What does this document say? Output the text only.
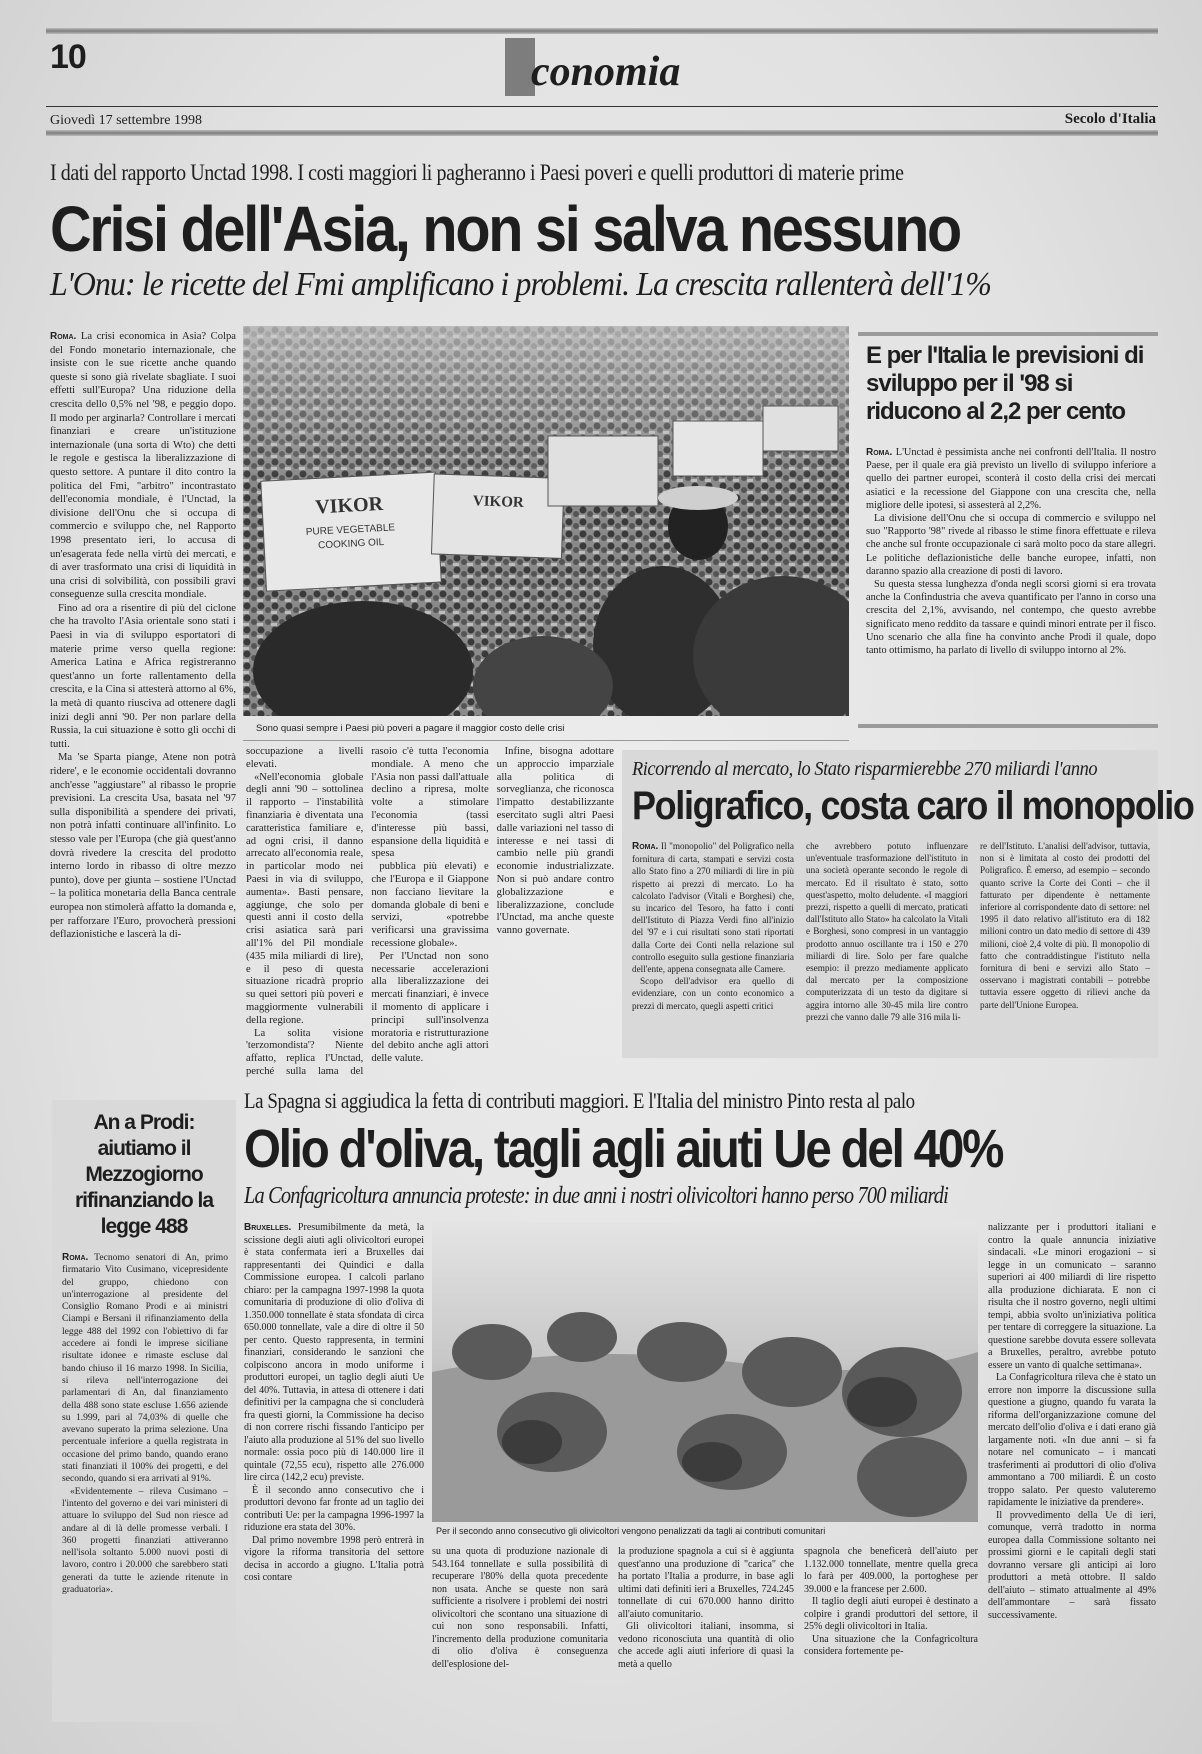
10	conomia
Giovedì 17 settembre 1998	Secolo d'Italia
I dati del rapporto Unctad 1998. I costi maggiori li pagheranno i Paesi poveri e quelli produttori di materie prime
Crisi dell'Asia, non si salva nessuno
L'Onu: le ricette del Fmi amplificano i problemi. La crescita rallenterà dell'1%

Roma. La crisi economica in Asia? Colpa del Fondo monetario internazionale, che insiste con le sue ricette anche quando queste si sono già rivelate sbagliate. I suoi effetti sull'Europa? Una riduzione della crescita dello 0,5% nel '98, e peggio dopo. Il modo per arginarla? Controllare i mercati finanziari e creare un'istituzione internazionale (una sorta di Wto) che detti le regole e gestisca la liberalizzazione di questo settore. A puntare il dito contro la politica del Fmi, "arbitro" incontrastato dell'economia mondiale, è l'Unctad, la divisione dell'Onu che si occupa di commercio e sviluppo che, nel Rapporto 1998 presentato ieri, lo accusa di un'esagerata fede nella virtù dei mercati, e di aver trasformato una crisi di liquidità in una crisi di solvibilità, con possibili gravi conseguenze sulla crescita mondiale.

Fino ad ora a risentire di più del ciclone che ha travolto l'Asia orientale sono stati i Paesi in via di sviluppo esportatori di materie prime verso quella regione: America Latina e Africa registreranno quest'anno un forte rallentamento della crescita, e la Cina si attesterà attorno al 6%, la metà di quanto riusciva ad ottenere dagli inizi degli anni '90. Per non parlare della Russia, la cui situazione è sotto gli occhi di tutti.

Ma 'se Sparta piange, Atene non potrà ridere', e le economie occidentali dovranno anch'esse "aggiustare" al ribasso le proprie previsioni. La crescita Usa, basata nel '97 sulla disponibilità a spendere dei privati, non potrà infatti continuare all'infinito. Lo stesso vale per l'Europa (che già quest'anno dovrà rivedere la crescita del prodotto interno lordo in ribasso di oltre mezzo punto), dove per giunta – sostiene l'Unctad – la politica monetaria della Banca centrale europea non stimolerà affatto la domanda e, per rafforzare l'Euro, provocherà pressioni deflazionistiche e lascerà la di-

VIKOR
PURE VEGETABLE
COOKING OIL
VIKOR
Sono quasi sempre i Paesi più poveri a pagare il maggior costo delle crisi

soccupazione a livelli elevati.

«Nell'economia globale degli anni '90 – sottolinea il rapporto – l'instabilità finanziaria è diventata una caratteristica familiare e, ad ogni crisi, il danno arrecato all'economia reale, in particolar modo nei Paesi in via di sviluppo, aumenta». Basti pensare, aggiunge, che solo per questi anni il costo della crisi asiatica sarà pari all'1% del Pil mondiale (435 mila miliardi di lire), e il peso di questa situazione ricadrà proprio su quei settori più poveri e maggiormente vulnerabili della regione.

La solita visione 'terzomondista'? Niente affatto, replica l'Unctad, perché sulla lama del rasoio c'è tutta l'economia mondiale. A meno che l'Asia non passi dall'attuale declino a ripresa, molte volte a stimolare l'economia (tassi d'interesse più bassi, espansione della liquidità e spesa

pubblica più elevati) e che l'Europa e il Giappone non facciano lievitare la domanda globale di beni e servizi, «potrebbe verificarsi una gravissima recessione globale».

Per l'Unctad non sono necessarie accelerazioni alla liberalizzazione dei mercati finanziari, è invece il momento di applicare i principi sull'insolvenza moratoria e ristrutturazione del debito anche agli attori delle valute.

Infine, bisogna adottare un approccio imparziale alla politica di sorveglianza, che riconosca l'impatto destabilizzante esercitato sugli altri Paesi dalle variazioni nel tasso di interesse e nei tassi di cambio nelle più grandi economie industrializzate. Non si può andare contro globalizzazione e liberalizzazione, conclude l'Unctad, ma anche queste vanno governate.

E per l'Italia le previsioni di sviluppo per il '98 si riducono al 2,2 per cento

Roma. L'Unctad è pessimista anche nei confronti dell'Italia. Il nostro Paese, per il quale era già previsto un livello di sviluppo inferiore a quello dei partner europei, sconterà il costo della crisi dei mercati asiatici e la recessione del Giappone con una crescita che, nella migliore delle ipotesi, si assesterà al 2,2%.

La divisione dell'Onu che si occupa di commercio e sviluppo nel suo "Rapporto '98" rivede al ribasso le stime finora effettuate e rileva che anche sul fronte occupazionale ci sarà molto poco da stare allegri. Le politiche deflazionistiche delle banche europee, infatti, non daranno spazio alla creazione di posti di lavoro.

Su questa stessa lunghezza d'onda negli scorsi giorni si era trovata anche la Confindustria che aveva quantificato per l'anno in corso una crescita del 2,1%, avvisando, nel contempo, che questo avrebbe significato meno reddito da tassare e quindi minori entrate per il fisco. Uno scenario che alla fine ha convinto anche Prodi il quale, dopo tanto ottimismo, ha parlato di livello di sviluppo intorno al 2%.

Ricorrendo al mercato, lo Stato risparmierebbe 270 miliardi l'anno
Poligrafico, costa caro il monopolio

Roma. Il "monopolio" del Poligrafico nella fornitura di carta, stampati e servizi costa allo Stato fino a 270 miliardi di lire in più rispetto ai prezzi di mercato. Lo ha calcolato l'advisor (Vitali e Borghesi) che, su incarico del Tesoro, ha fatto i conti dell'Istituto di Piazza Verdi fino all'inizio del '97 e i cui risultati sono stati riportati dalla Corte dei Conti nella relazione sul controllo eseguito sulla gestione finanziaria dell'ente, appena consegnata alle Camere.

Scopo dell'advisor era quello di evidenziare, con un conto economico a prezzi di mercato, quegli aspetti critici

che avrebbero potuto influenzare un'eventuale trasformazione dell'istituto in una società operante secondo le regole di mercato. Ed il risultato è stato, sotto quest'aspetto, molto deludente. «I maggiori prezzi, rispetto a quelli di mercato, praticati dall'Istituto allo Stato» ha calcolato la Vitali e Borghesi, sono compresi in un vantaggio prodotto annuo oscillante tra i 150 e 270 miliardi di lire. Solo per fare qualche esempio: il prezzo mediamente applicato dal mercato per la composizione computerizzata di un testo da digitare si aggira intorno alle 30-45 mila lire contro prezzi che vanno dalle 79 alle 316 mila li-

re dell'Istituto. L'analisi dell'advisor, tuttavia, non si è limitata al costo dei prodotti del Poligrafico. È emerso, ad esempio – secondo quanto scrive la Corte dei Conti – che il fatturato per dipendente è nettamente inferiore al corrispondente dato di settore: nel 1995 il dato relativo all'istituto era di 182 milioni contro un dato medio di settore di 439 milioni, cioè 2,4 volte di più. Il monopolio di fatto che contraddistingue l'istituto nella fornitura di beni e servizi allo Stato – osservano i magistrati contabili – potrebbe tuttavia essere oggetto di rilievi anche da parte dell'Unione Europea.

An a Prodi: aiutiamo il Mezzogiorno rifinanziando la legge 488

Roma. Tecnomo senatori di An, primo firmatario Vito Cusimano, vicepresidente del gruppo, chiedono con un'interrogazione al presidente del Consiglio Romano Prodi e ai ministri Ciampi e Bersani il rifinanziamento della legge 488 del 1992 con l'obiettivo di far accedere ai fondi le imprese siciliane risultate idonee e rimaste escluse dal bando chiuso il 16 marzo 1998. In Sicilia, si rileva nell'interrogazione dei parlamentari di An, dal finanziamento della 488 sono state escluse 1.656 aziende su 1.999, pari al 74,03% di quelle che avevano superato la prima selezione. Una percentuale inferiore a quella registrata in occasione del primo bando, quando erano stati finanziati il 100% dei progetti, e del secondo, quando si era arrivati al 91%.

«Evidentemente – rileva Cusimano – l'intento del governo e dei vari ministeri di attuare lo sviluppo del Sud non riesce ad andare al di là delle promesse verbali. I 360 progetti finanziati attiveranno nell'isola soltanto 5.000 nuovi posti di lavoro, contro i 20.000 che sarebbero stati generati da tutte le aziende ritenute in graduatoria».

La Spagna si aggiudica la fetta di contributi maggiori. E l'Italia del ministro Pinto resta al palo
Olio d'oliva, tagli agli aiuti Ue del 40%
La Confagricoltura annuncia proteste: in due anni i nostri olivicoltori hanno perso 700 miliardi

Bruxelles. Presumibilmente da metà, la scissione degli aiuti agli olivicoltori europei è stata confermata ieri a Bruxelles dai rappresentanti dei Quindici e dalla Commissione europea. I calcoli parlano chiaro: per la campagna 1997-1998 la quota comunitaria di produzione di olio d'oliva di 1.350.000 tonnellate è stata sfondata di circa 650.000 tonnellate, vale a dire di oltre il 50 per cento. Questo rappresenta, in termini finanziari, considerando le sanzioni che colpiscono ancora in modo uniforme i produttori europei, un taglio degli aiuti Ue del 40%. Tuttavia, in attesa di ottenere i dati definitivi per la campagna che si concluderà fra questi giorni, la Commissione ha deciso di non correre rischi fissando l'anticipo per l'aiuto alla produzione al 51% del suo livello normale: ossia poco più di 140.000 lire il quintale (72,55 ecu), rispetto alle 276.000 lire circa (142,2 ecu) previste.

È il secondo anno consecutivo che i produttori devono far fronte ad un taglio dei contributi Ue: per la campagna 1996-1997 la riduzione era stata del 30%.

Dal primo novembre 1998 però entrerà in vigore la riforma transitoria del settore decisa in accordo a giugno. L'Italia potrà così contare

Per il secondo anno consecutivo gli olivicoltori vengono penalizzati da tagli ai contributi comunitari

su una quota di produzione nazionale di 543.164 tonnellate e sulla possibilità di recuperare l'80% della quota precedente non usata. Anche se queste non sarà sufficiente a risolvere i problemi dei nostri olivicoltori che scontano una situazione di cui non sono responsabili. Infatti, l'incremento della produzione comunitaria di olio d'oliva è conseguenza dell'esplosione del-

la produzione spagnola a cui si è aggiunta quest'anno una produzione di "carica" che ha portato l'Italia a produrre, in base agli ultimi dati definiti ieri a Bruxelles, 724.245 tonnellate di cui 670.000 hanno diritto all'aiuto comunitario.

Gli olivicoltori italiani, insomma, si vedono riconosciuta una quantità di olio che accede agli aiuti inferiore di quasi la metà a quello

spagnola che beneficerà dell'aiuto per 1.132.000 tonnellate, mentre quella greca lo farà per 409.000, la portoghese per 39.000 e la francese per 2.600.

Il taglio degli aiuti europei è destinato a colpire i grandi produttori del settore, il 25% degli olivicoltori in Italia.

Una situazione che la Confagricoltura considera fortemente pe-

nalizzante per i produttori italiani e contro la quale annuncia iniziative sindacali. «Le minori erogazioni – si legge in un comunicato – saranno superiori ai 400 miliardi di lire rispetto alla produzione dichiarata. E non ci risulta che il nostro governo, negli ultimi tempi, abbia svolto un'iniziativa politica per tentare di correggere la situazione. La questione sarebbe dovuta essere sollevata a Bruxelles, peraltro, avrebbe potuto essere un vanto di qualche settimana».

La Confagricoltura rileva che è stato un errore non imporre la discussione sulla questione a giugno, quando fu varata la riforma dell'organizzazione comune del mercato dell'olio d'oliva e i dati erano già largamente noti. «In due anni – si fa notare nel comunicato – i mancati trasferimenti ai produttori di olio d'oliva ammontano a 700 miliardi. È un costo troppo salato. Per questo valuteremo rapidamente le iniziative da prendere».

Il provvedimento della Ue di ieri, comunque, verrà tradotto in norma europea dalla Commissione soltanto nei prossimi giorni e le capitali degli stati dovranno versare gli anticipi ai loro produttori a metà ottobre. Il saldo dell'aiuto – stimato attualmente al 49% dell'ammontare – sarà fissato successivamente.
